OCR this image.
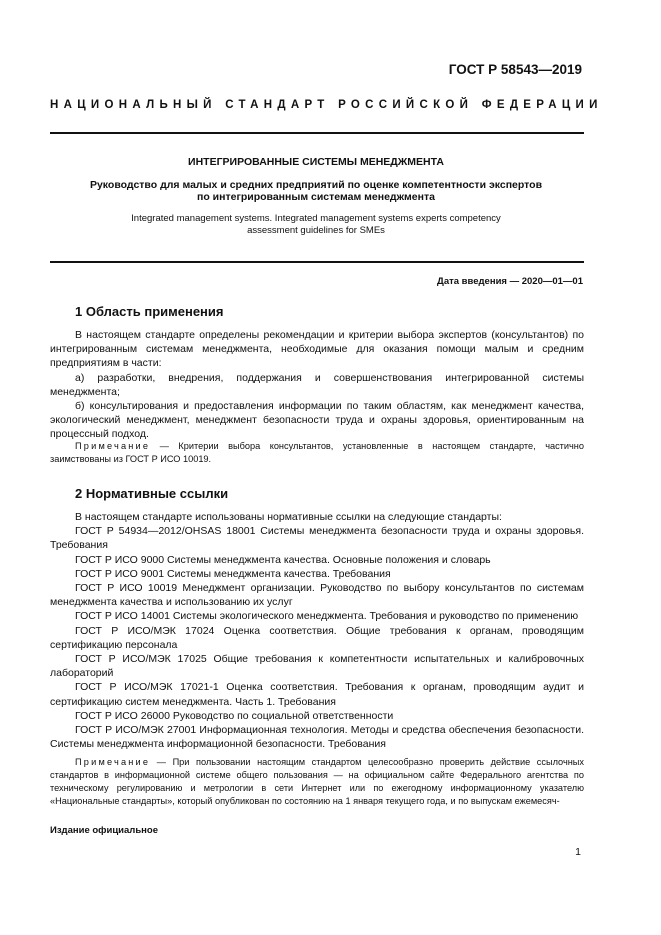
ГОСТ Р 58543—2019
НАЦИОНАЛЬНЫЙ СТАНДАРТ РОССИЙСКОЙ ФЕДЕРАЦИИ
ИНТЕГРИРОВАННЫЕ СИСТЕМЫ МЕНЕДЖМЕНТА
Руководство для малых и средних предприятий по оценке компетентности экспертов
по интегрированным системам менеджмента
Integrated management systems. Integrated management systems experts competency
assessment guidelines for SMEs
Дата введения — 2020—01—01
1 Область применения

В настоящем стандарте определены рекомендации и критерии выбора экспертов (консультантов) по интегрированным системам менеджмента, необходимые для оказания помощи малым и средним предприятиям в части:

а) разработки, внедрения, поддержания и совершенствования интегрированной системы менеджмента;

б) консультирования и предоставления информации по таким областям, как менеджмент качества, экологический менеджмент, менеджмент безопасности труда и охраны здоровья, ориентированным на процессный подход.

Примечание — Критерии выбора консультантов, установленные в настоящем стандарте, частично заимствованы из ГОСТ Р ИСО 10019.

2 Нормативные ссылки

В настоящем стандарте использованы нормативные ссылки на следующие стандарты:

ГОСТ Р 54934—2012/OHSAS 18001 Системы менеджмента безопасности труда и охраны здоровья. Требования

ГОСТ Р ИСО 9000 Системы менеджмента качества. Основные положения и словарь

ГОСТ Р ИСО 9001 Системы менеджмента качества. Требования

ГОСТ Р ИСО 10019 Менеджмент организации. Руководство по выбору консультантов по системам менеджмента качества и использованию их услуг

ГОСТ Р ИСО 14001 Системы экологического менеджмента. Требования и руководство по применению

ГОСТ Р ИСО/МЭК 17024 Оценка соответствия. Общие требования к органам, проводящим сертификацию персонала

ГОСТ Р ИСО/МЭК 17025 Общие требования к компетентности испытательных и калибровочных лабораторий

ГОСТ Р ИСО/МЭК 17021-1 Оценка соответствия. Требования к органам, проводящим аудит и сертификацию систем менеджмента. Часть 1. Требования

ГОСТ Р ИСО 26000 Руководство по социальной ответственности

ГОСТ Р ИСО/МЭК 27001 Информационная технология. Методы и средства обеспечения безопасности. Системы менеджмента информационной безопасности. Требования

Примечание — При пользовании настоящим стандартом целесообразно проверить действие ссылочных стандартов в информационной системе общего пользования — на официальном сайте Федерального агентства по техническому регулированию и метрологии в сети Интернет или по ежегодному информационному указателю «Национальные стандарты», который опубликован по состоянию на 1 января текущего года, и по выпускам ежемесяч-

Издание официальное
1
